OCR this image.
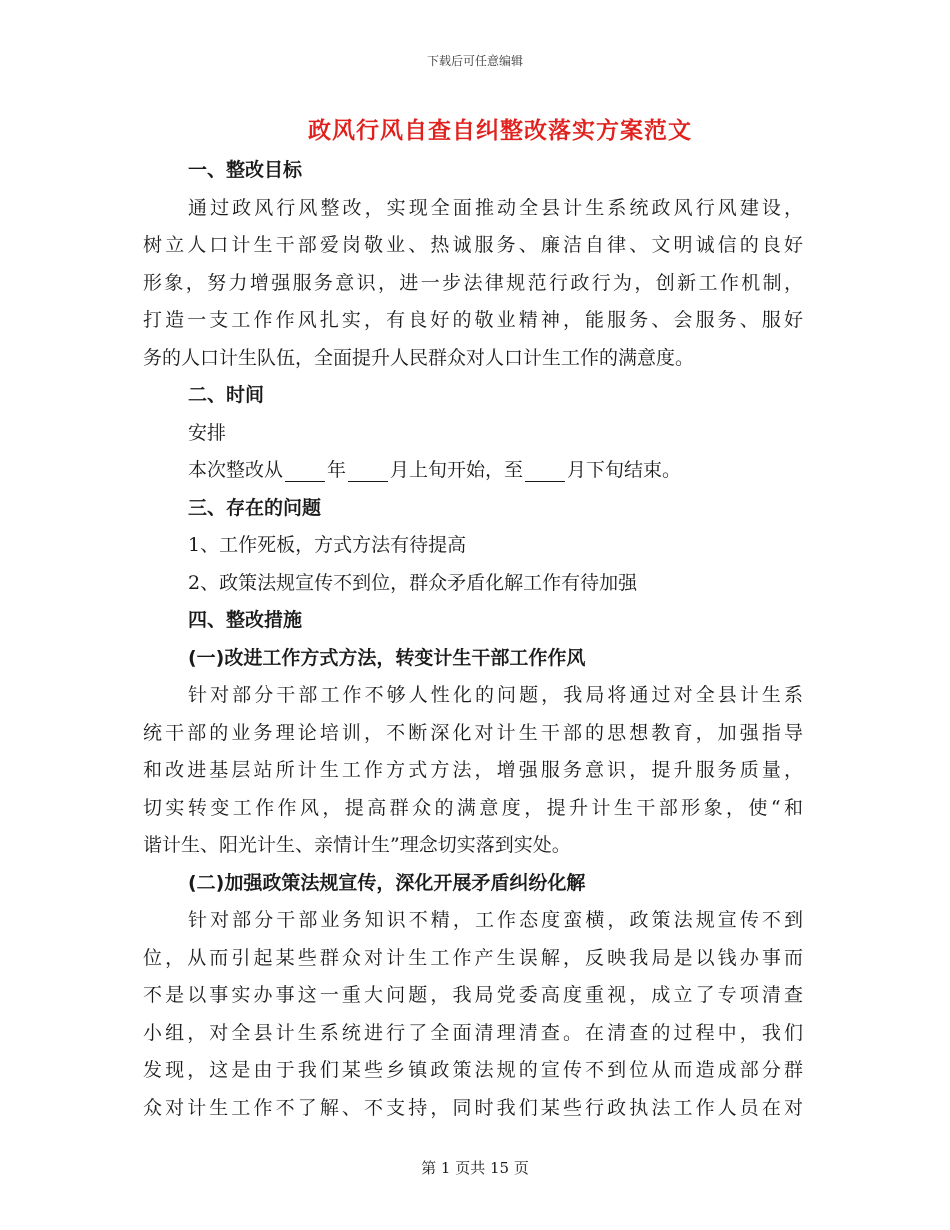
下载后可任意编辑
政风行风自查自纠整改落实方案范文
一、整改目标
通过政风行风整改，实现全面推动全县计生系统政风行风建设，
树立人口计生干部爱岗敬业、热诚服务、廉洁自律、文明诚信的良好
形象，努力增强服务意识，进一步法律规范行政行为，创新工作机制，
打造一支工作作风扎实，有良好的敬业精神，能服务、会服务、服好
务的人口计生队伍，全面提升人民群众对人口计生工作的满意度。
二、时间
安排
本次整改从 年 月上旬开始，至 月下旬结束。
三、存在的问题
1、工作死板，方式方法有待提高
2、政策法规宣传不到位，群众矛盾化解工作有待加强
四、整改措施
(一)改进工作方式方法，转变计生干部工作作风
针对部分干部工作不够人性化的问题，我局将通过对全县计生系
统干部的业务理论培训，不断深化对计生干部的思想教育，加强指导
和改进基层站所计生工作方式方法，增强服务意识，提升服务质量，
切实转变工作作风，提高群众的满意度，提升计生干部形象，使“和
谐计生、阳光计生、亲情计生”理念切实落到实处。
(二)加强政策法规宣传，深化开展矛盾纠纷化解
针对部分干部业务知识不精，工作态度蛮横，政策法规宣传不到
位，从而引起某些群众对计生工作产生误解，反映我局是以钱办事而
不是以事实办事这一重大问题，我局党委高度重视，成立了专项清查
小组，对全县计生系统进行了全面清理清查。在清查的过程中，我们
发现，这是由于我们某些乡镇政策法规的宣传不到位从而造成部分群
众对计生工作不了解、不支持，同时我们某些行政执法工作人员在对
第 1 页共 15 页
